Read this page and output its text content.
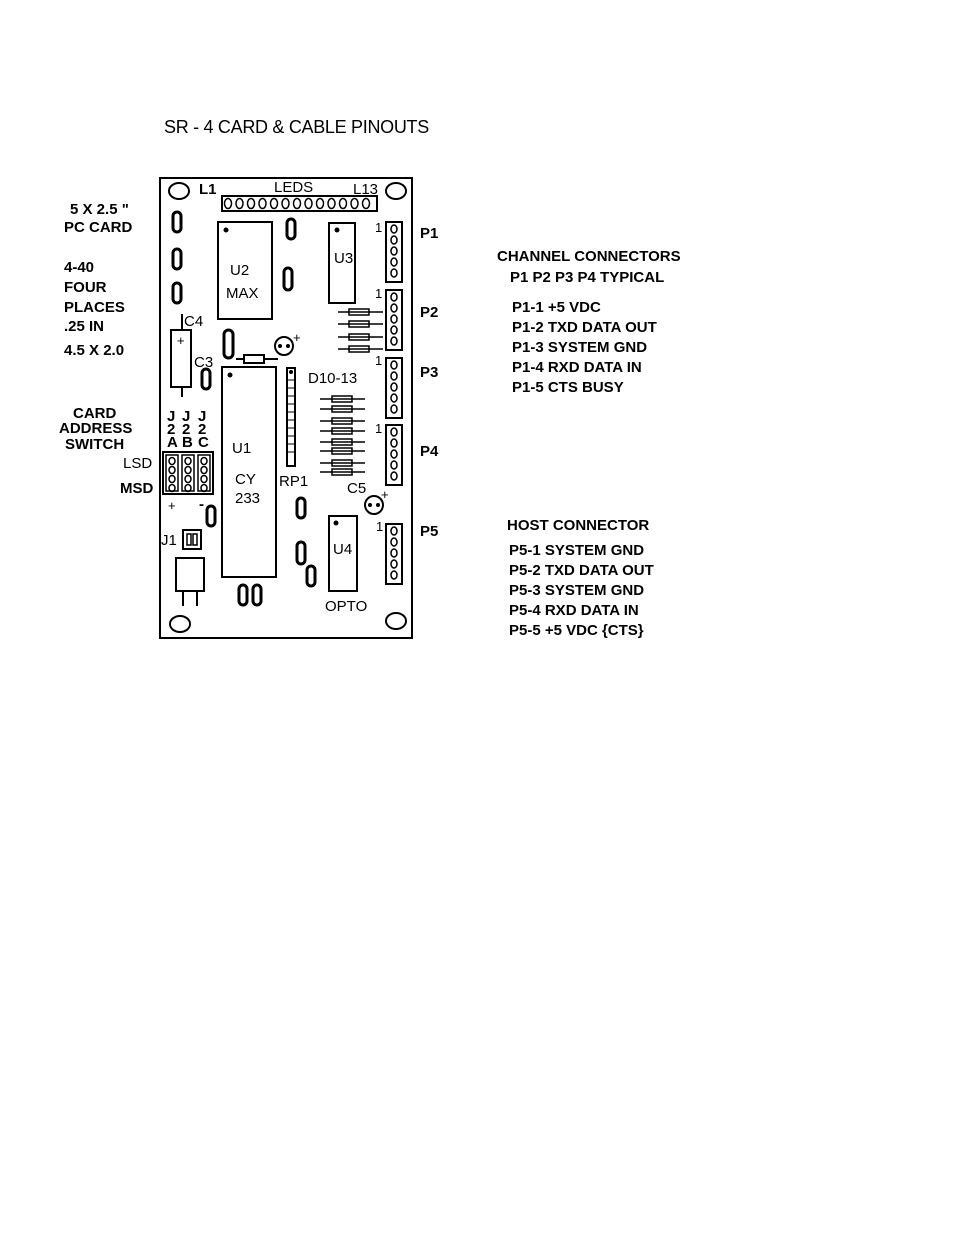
SR - 4 CARD & CABLE PINOUTS
L1	LEDS	L13
U2
MAX
U3
+
C4
C3
+
U1
CY
233
RP1
D10-13
C5 +
U4
OPTO
1
1
1
1
1
P1
P2
P3
P4
P5
J
2
A
J
2
B
J
2
C
+ -
J1
5 X 2.5 "
PC CARD
4-40
FOUR
PLACES
.25 IN
4.5 X 2.0
CARD
ADDRESS
SWITCH
LSD
MSD
CHANNEL CONNECTORS
P1 P2 P3 P4 TYPICAL
P1-1 +5 VDC
P1-2 TXD DATA OUT
P1-3 SYSTEM GND
P1-4 RXD DATA IN
P1-5 CTS BUSY
HOST CONNECTOR
P5-1 SYSTEM GND
P5-2 TXD DATA OUT
P5-3 SYSTEM GND
P5-4 RXD DATA IN
P5-5 +5 VDC {CTS}
